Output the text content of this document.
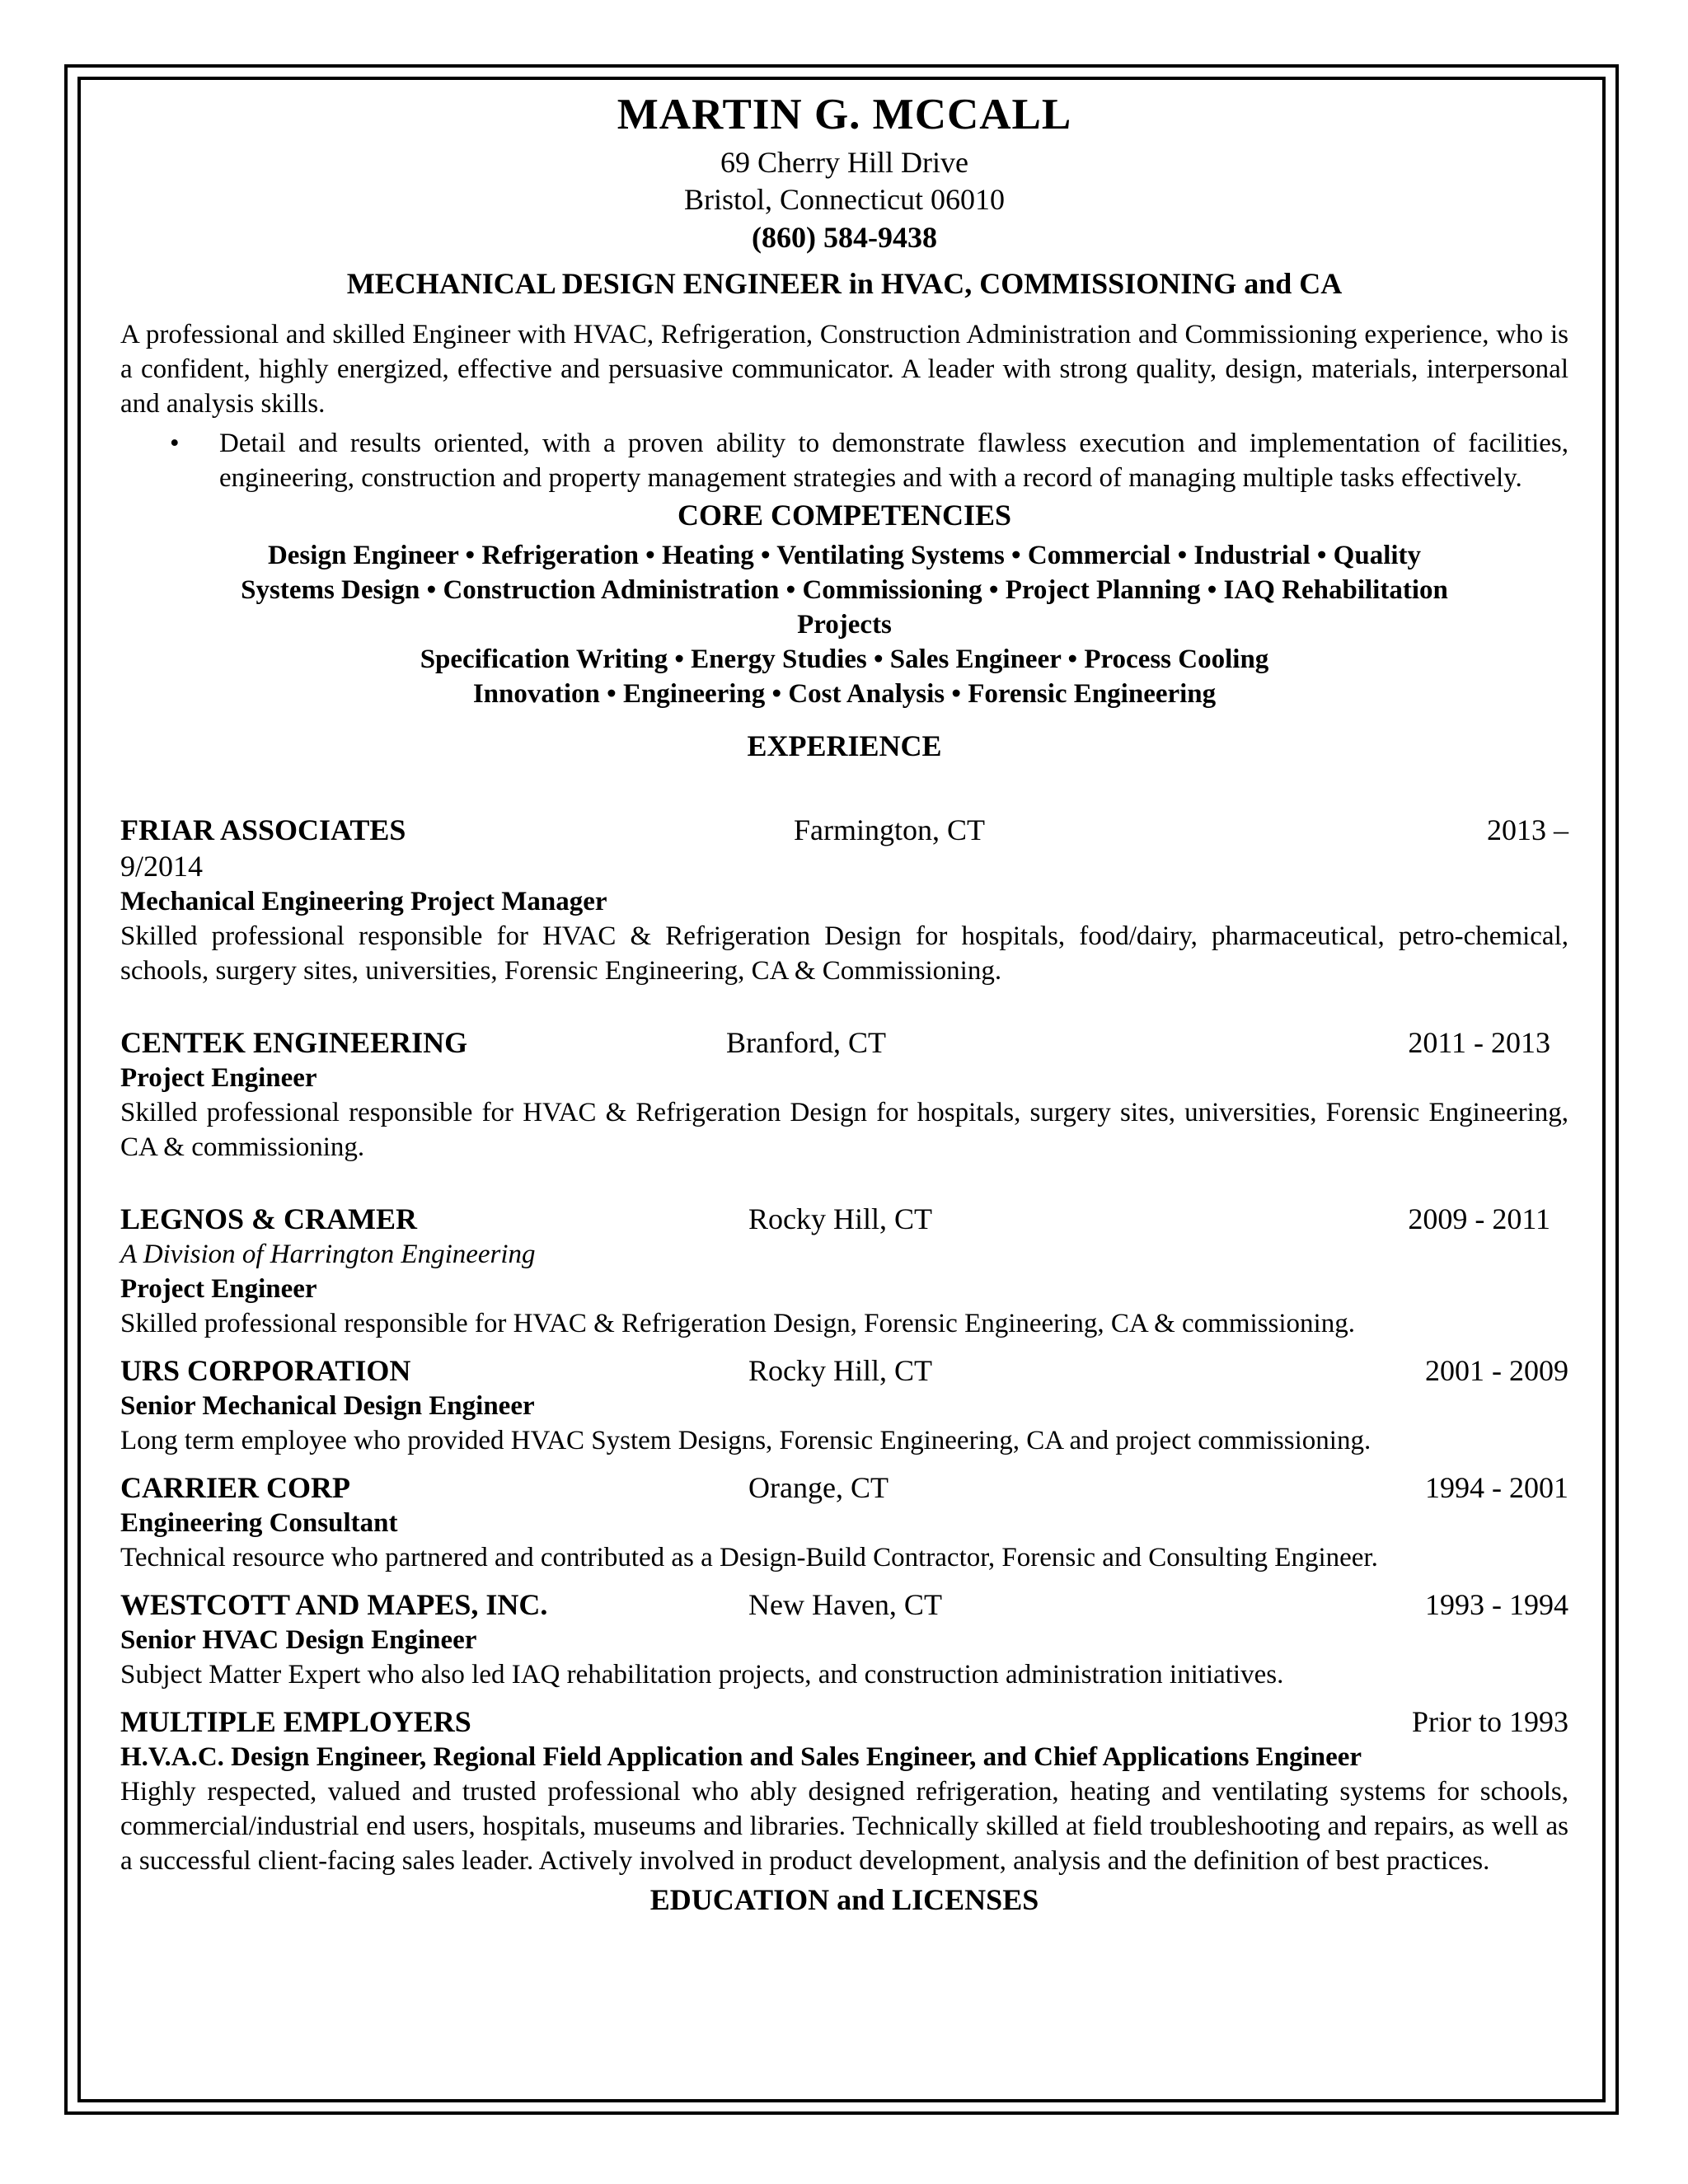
MARTIN G. MCCALL
69 Cherry Hill Drive
Bristol, Connecticut 06010
(860) 584-9438
MECHANICAL DESIGN ENGINEER in HVAC, COMMISSIONING and CA
A professional and skilled Engineer with HVAC, Refrigeration, Construction Administration and Commissioning experience, who is a confident, highly energized, effective and persuasive communicator. A leader with strong quality, design, materials, interpersonal and analysis skills.
• Detail and results oriented, with a proven ability to demonstrate flawless execution and implementation of facilities, engineering, construction and property management strategies and with a record of managing multiple tasks effectively.
CORE COMPETENCIES
Design Engineer • Refrigeration • Heating • Ventilating Systems • Commercial • Industrial • Quality
Systems Design • Construction Administration • Commissioning • Project Planning • IAQ Rehabilitation
Projects
Specification Writing • Energy Studies • Sales Engineer • Process Cooling
Innovation • Engineering • Cost Analysis • Forensic Engineering
EXPERIENCE
FRIAR ASSOCIATES	Farmington, CT	2013 –
9/2014
Mechanical Engineering Project Manager
Skilled professional responsible for HVAC & Refrigeration Design for hospitals, food/dairy, pharmaceutical, petro-chemical, schools, surgery sites, universities, Forensic Engineering, CA & Commissioning.
CENTEK ENGINEERING	Branford, CT	2011 - 2013
Project Engineer
Skilled professional responsible for HVAC & Refrigeration Design for hospitals, surgery sites, universities, Forensic Engineering, CA & commissioning.
LEGNOS & CRAMER	Rocky Hill, CT	2009 - 2011
A Division of Harrington Engineering
Project Engineer
Skilled professional responsible for HVAC & Refrigeration Design, Forensic Engineering, CA & commissioning.
URS CORPORATION	Rocky Hill, CT	2001 - 2009
Senior Mechanical Design Engineer
Long term employee who provided HVAC System Designs, Forensic Engineering, CA and project commissioning.
CARRIER CORP	Orange, CT	1994 - 2001
Engineering Consultant
Technical resource who partnered and contributed as a Design-Build Contractor, Forensic and Consulting Engineer.
WESTCOTT AND MAPES, INC.	New Haven, CT	1993 - 1994
Senior HVAC Design Engineer
Subject Matter Expert who also led IAQ rehabilitation projects, and construction administration initiatives.
MULTIPLE EMPLOYERS	Prior to 1993
H.V.A.C. Design Engineer, Regional Field Application and Sales Engineer, and Chief Applications Engineer
Highly respected, valued and trusted professional who ably designed refrigeration, heating and ventilating systems for schools, commercial/industrial end users, hospitals, museums and libraries. Technically skilled at field troubleshooting and repairs, as well as a successful client-facing sales leader. Actively involved in product development, analysis and the definition of best practices.
EDUCATION and LICENSES
